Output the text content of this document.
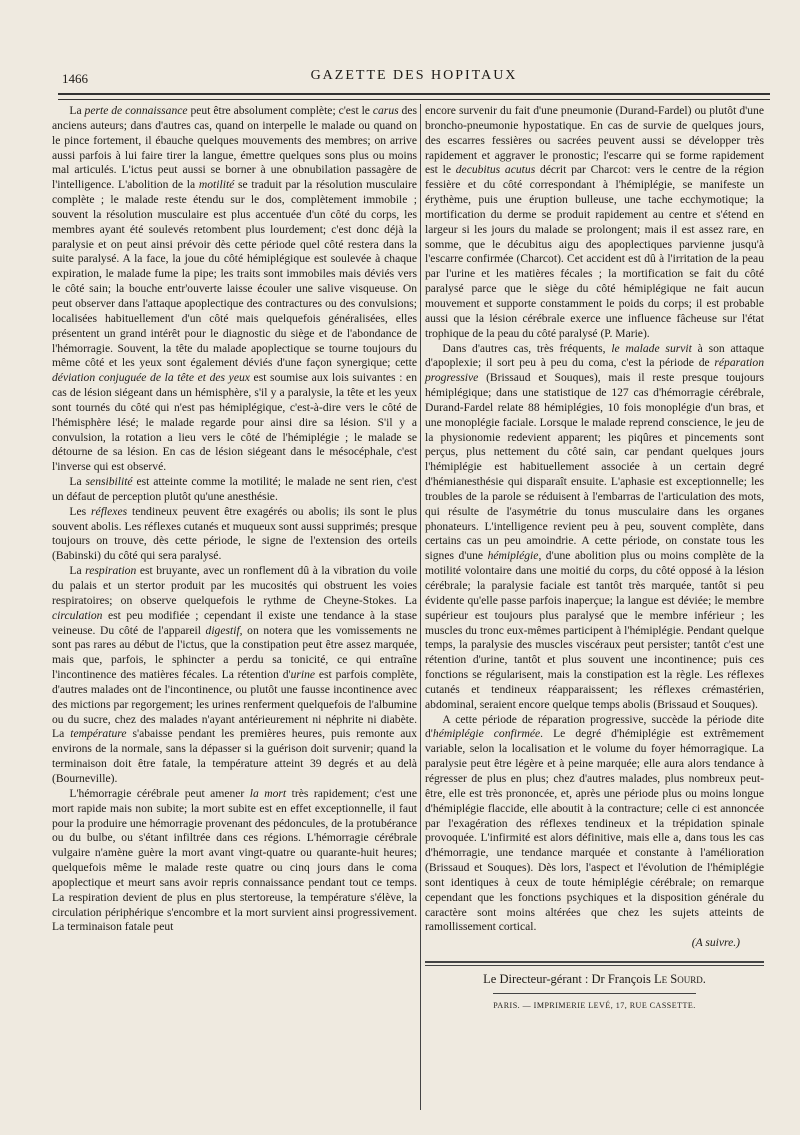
1466	GAZETTE DES HOPITAUX

La perte de connaissance peut être absolument complète; c'est le carus des anciens auteurs; dans d'autres cas, quand on interpelle le malade ou quand on le pince fortement, il ébauche quelques mouvements des membres; on arrive aussi parfois à lui faire tirer la langue, émettre quelques sons plus ou moins mal articulés. L'ictus peut aussi se borner à une obnubilation passagère de l'intelligence. L'abolition de la motilité se traduit par la résolution musculaire complète ; le malade reste étendu sur le dos, complètement immobile ; souvent la résolution musculaire est plus accentuée d'un côté du corps, les membres ayant été soulevés retombent plus lourdement; c'est donc déjà la paralysie et on peut ainsi prévoir dès cette période quel côté restera dans la suite paralysé. A la face, la joue du côté hémiplégique est soulevée à chaque expiration, le malade fume la pipe; les traits sont immobiles mais déviés vers le côté sain; la bouche entr'ouverte laisse écouler une salive visqueuse. On peut observer dans l'attaque apoplectique des contractures ou des convulsions; localisées habituellement d'un côté mais quelquefois généralisées, elles présentent un grand intérêt pour le diagnostic du siège et de l'abondance de l'hémorragie. Souvent, la tête du malade apoplectique se tourne toujours du même côté et les yeux sont également déviés d'une façon synergique; cette déviation conjuguée de la tête et des yeux est soumise aux lois suivantes : en cas de lésion siégeant dans un hémisphère, s'il y a paralysie, la tête et les yeux sont tournés du côté qui n'est pas hémiplégique, c'est-à-dire vers le côté de l'hémisphère lésé; le malade regarde pour ainsi dire sa lésion. S'il y a convulsion, la rotation a lieu vers le côté de l'hémiplégie ; le malade se détourne de sa lésion. En cas de lésion siégeant dans le mésocéphale, c'est l'inverse qui est observé.

La sensibilité est atteinte comme la motilité; le malade ne sent rien, c'est un défaut de perception plutôt qu'une anesthésie.

Les réflexes tendineux peuvent être exagérés ou abolis; ils sont le plus souvent abolis. Les réflexes cutanés et muqueux sont aussi supprimés; presque toujours on trouve, dès cette période, le signe de l'extension des orteils (Babinski) du côté qui sera paralysé.

La respiration est bruyante, avec un ronflement dû à la vibration du voile du palais et un stertor produit par les mucosités qui obstruent les voies respiratoires; on observe quelquefois le rythme de Cheyne-Stokes. La circulation est peu modifiée ; cependant il existe une tendance à la stase veineuse. Du côté de l'appareil digestif, on notera que les vomissements ne sont pas rares au début de l'ictus, que la constipation peut être assez marquée, mais que, parfois, le sphincter a perdu sa tonicité, ce qui entraîne l'incontinence des matières fécales. La rétention d'urine est parfois complète, d'autres malades ont de l'incontinence, ou plutôt une fausse incontinence avec des mictions par regorgement; les urines renferment quelquefois de l'albumine ou du sucre, chez des malades n'ayant antérieurement ni néphrite ni diabète. La température s'abaisse pendant les premières heures, puis remonte aux environs de la normale, sans la dépasser si la guérison doit survenir; quand la terminaison doit être fatale, la température atteint 39 degrés et au delà (Bourneville).

L'hémorragie cérébrale peut amener la mort très rapidement; c'est une mort rapide mais non subite; la mort subite est en effet exceptionnelle, il faut pour la produire une hémorragie provenant des pédoncules, de la protubérance ou du bulbe, ou s'étant infiltrée dans ces régions. L'hémorragie cérébrale vulgaire n'amène guère la mort avant vingt-quatre ou quarante-huit heures; quelquefois même le malade reste quatre ou cinq jours dans le coma apoplectique et meurt sans avoir repris connaissance pendant tout ce temps. La respiration devient de plus en plus stertoreuse, la température s'élève, la circulation périphérique s'encombre et la mort survient ainsi progressivement. La terminaison fatale peut

encore survenir du fait d'une pneumonie (Durand-Fardel) ou plutôt d'une broncho-pneumonie hypostatique. En cas de survie de quelques jours, des escarres fessières ou sacrées peuvent aussi se développer très rapidement et aggraver le pronostic; l'escarre qui se forme rapidement est le decubitus acutus décrit par Charcot: vers le centre de la région fessière et du côté correspondant à l'hémiplégie, se manifeste un érythème, puis une éruption bulleuse, une tache ecchymotique; la mortification du derme se produit rapidement au centre et s'étend en largeur si les jours du malade se prolongent; mais il est assez rare, en somme, que le décubitus aigu des apoplectiques parvienne jusqu'à l'escarre confirmée (Charcot). Cet accident est dû à l'irritation de la peau par l'urine et les matières fécales ; la mortification se fait du côté paralysé parce que le siège du côté hémiplégique ne fait aucun mouvement et supporte constamment le poids du corps; il est probable aussi que la lésion cérébrale exerce une influence fâcheuse sur l'état trophique de la peau du côté paralysé (P. Marie).

Dans d'autres cas, très fréquents, le malade survit à son attaque d'apoplexie; il sort peu à peu du coma, c'est la période de réparation progressive (Brissaud et Souques), mais il reste presque toujours hémiplégique; dans une statistique de 127 cas d'hémorragie cérébrale, Durand-Fardel relate 88 hémiplégies, 10 fois monoplégie d'un bras, et une monoplégie faciale. Lorsque le malade reprend conscience, le jeu de la physionomie redevient apparent; les piqûres et pincements sont perçus, plus nettement du côté sain, car pendant quelques jours l'hémiplégie est habituellement associée à un certain degré d'hémianesthésie qui disparaît ensuite. L'aphasie est exceptionnelle; les troubles de la parole se réduisent à l'embarras de l'articulation des mots, qui résulte de l'asymétrie du tonus musculaire dans les organes phonateurs. L'intelligence revient peu à peu, souvent complète, dans certains cas un peu amoindrie. A cette période, on constate tous les signes d'une hémiplégie, d'une abolition plus ou moins complète de la motilité volontaire dans une moitié du corps, du côté opposé à la lésion cérébrale; la paralysie faciale est tantôt très marquée, tantôt si peu évidente qu'elle passe parfois inaperçue; la langue est déviée; le membre supérieur est toujours plus paralysé que le membre inférieur ; les muscles du tronc eux-mêmes participent à l'hémiplégie. Pendant quelque temps, la paralysie des muscles viscéraux peut persister; tantôt c'est une rétention d'urine, tantôt et plus souvent une incontinence; puis ces fonctions se régularisent, mais la constipation est la règle. Les réflexes cutanés et tendineux réapparaissent; les réflexes crémastérien, abdominal, seraient encore quelque temps abolis (Brissaud et Souques).

A cette période de réparation progressive, succède la période dite d'hémiplégie confirmée. Le degré d'hémiplégie est extrêmement variable, selon la localisation et le volume du foyer hémorragique. La paralysie peut être légère et à peine marquée; elle aura alors tendance à régresser de plus en plus; chez d'autres malades, plus nombreux peut-être, elle est très prononcée, et, après une période plus ou moins longue d'hémiplégie flaccide, elle aboutit à la contracture; celle ci est annoncée par l'exagération des réflexes tendineux et la trépidation spinale provoquée. L'infirmité est alors définitive, mais elle a, dans tous les cas d'hémorragie, une tendance marquée et constante à l'amélioration (Brissaud et Souques). Dès lors, l'aspect et l'évolution de l'hémiplégie sont identiques à ceux de toute hémiplégie cérébrale; on remarque cependant que les fonctions psychiques et la disposition générale du caractère sont moins altérées que chez les sujets atteints de ramollissement cortical.

(A suivre.)
Le Directeur-gérant : Dr François Le Sourd.
PARIS. — IMPRIMERIE LEVÉ, 17, RUE CASSETTE.
